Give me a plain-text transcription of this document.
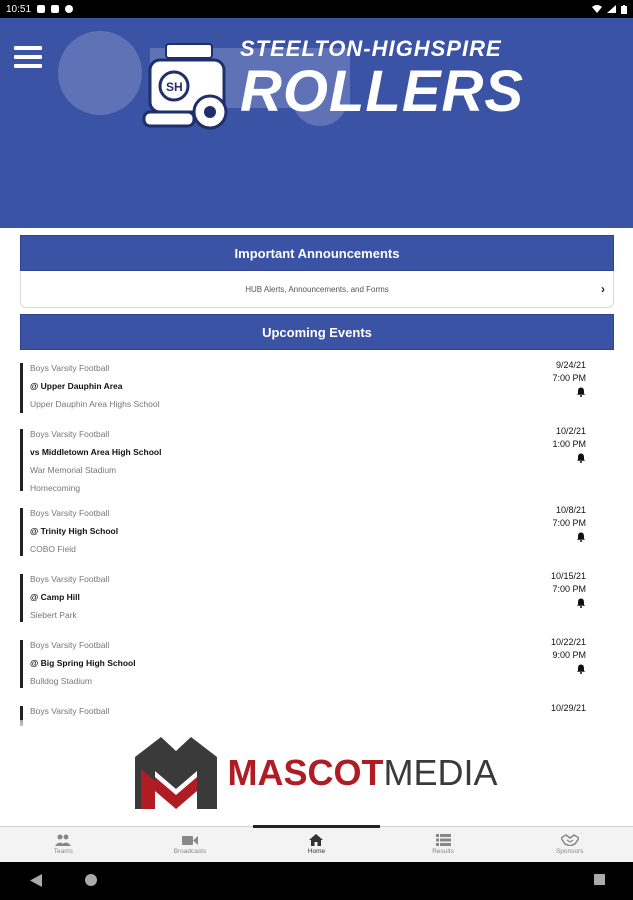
10:51
SH
STEELTON-HIGHSPIRE
ROLLERS
Important Announcements
HUB Alerts, Announcements, and Forms	›
Upcoming Events
Boys Varsity Football
@ Upper Dauphin Area
Upper Dauphin Area Highs School
9/24/21
7:00 PM
Boys Varsity Football
vs Middletown Area High School
War Memorial Stadium
Homecoming
10/2/21
1:00 PM
Boys Varsity Football
@ Trinity High School
COBO Field
10/8/21
7:00 PM
Boys Varsity Football
@ Camp Hill
Siebert Park
10/15/21
7:00 PM
Boys Varsity Football
@ Big Spring High School
Bulldog Stadium
10/22/21
9:00 PM
Boys Varsity Football	10/29/21
MASCOT MEDIA
Teams	Broadcasts	Home	Results	Sponsors
